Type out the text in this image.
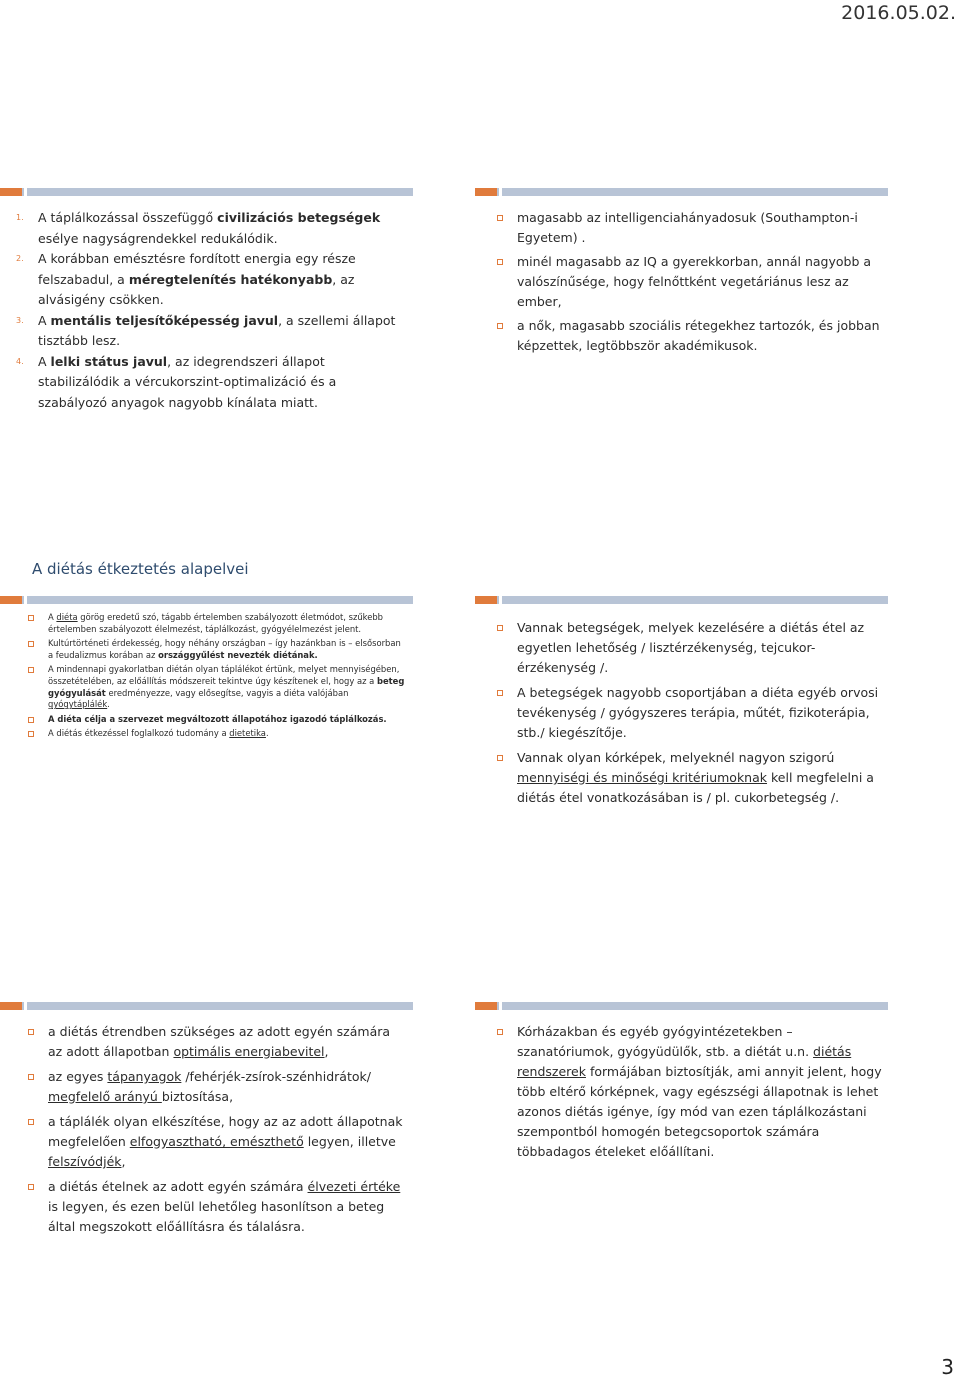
2016.05.02.
1. A táplálkozással összefüggő civilizációs betegségek esélye nagyságrendekkel redukálódik.
2. A korábban emésztésre fordított energia egy része felszabadul, a méregtelenítés hatékonyabb, az alvásigény csökken.
3. A mentális teljesítőképesség javul, a szellemi állapot tisztább lesz.
4. A lelki státus javul, az idegrendszeri állapot stabilizálódik a vércukorszint-optimalizáció és a szabályozó anyagok nagyobb kínálata miatt.
magasabb az intelligenciahányadosuk (Southampton-i Egyetem) .
minél magasabb az IQ a gyerekkorban, annál nagyobb a valószínűsége, hogy felnőttként vegetáriánus lesz az ember,
a nők, magasabb szociális rétegekhez tartozók, és jobban képzettek, legtöbbször akadémikusok.
A diétás étkeztetés alapelvei
A diéta görög eredetű szó, tágabb értelemben szabályozott életmódot, szűkebb értelemben szabályozott élelmezést, táplálkozást, gyógyélelmezést jelent.
Kultúrtörténeti érdekesség, hogy néhány országban – így hazánkban is – elsősorban a feudalizmus korában az országgyűlést nevezték diétának.
A mindennapi gyakorlatban diétán olyan táplálékot értünk, melyet mennyiségében, összetételében, az előállítás módszereit tekintve úgy készítenek el, hogy az a beteg gyógyulását eredményezze, vagy elősegítse, vagyis a diéta valójában gyógytáplálék.
A diéta célja a szervezet megváltozott állapotához igazodó táplálkozás.
A diétás étkezéssel foglalkozó tudomány a dietetika.
Vannak betegségek, melyek kezelésére a diétás étel az egyetlen lehetőség / lisztérzékenység, tejcukor-érzékenység /.
A betegségek nagyobb csoportjában a diéta egyéb orvosi tevékenység / gyógyszeres terápia, műtét, fizikoterápia, stb./ kiegészítője.
Vannak olyan kórképek, melyeknél nagyon szigorú mennyiségi és minőségi kritériumoknak kell megfelelni a diétás étel vonatkozásában is / pl. cukorbetegség /.
a diétás étrendben szükséges az adott egyén számára az adott állapotban optimális energiabevitel,
az egyes tápanyagok /fehérjék-zsírok-szénhidrátok/ megfelelő arányú biztosítása,
a táplálék olyan elkészítése, hogy az az adott állapotnak megfelelően elfogyasztható, emészthető legyen, illetve felszívódjék,
a diétás ételnek az adott egyén számára élvezeti értéke is legyen, és ezen belül lehetőleg hasonlítson a beteg által megszokott előállításra és tálalásra.
Kórházakban és egyéb gyógyintézetekben – szanatóriumok, gyógyüdülők, stb. a diétát u.n. diétás rendszerek formájában biztosítják, ami annyit jelent, hogy több eltérő kórképnek, vagy egészségi állapotnak is lehet azonos diétás igénye, így mód van ezen táplálkozástani szempontból homogén betegcsoportok számára többadagos ételeket előállítani.
3
